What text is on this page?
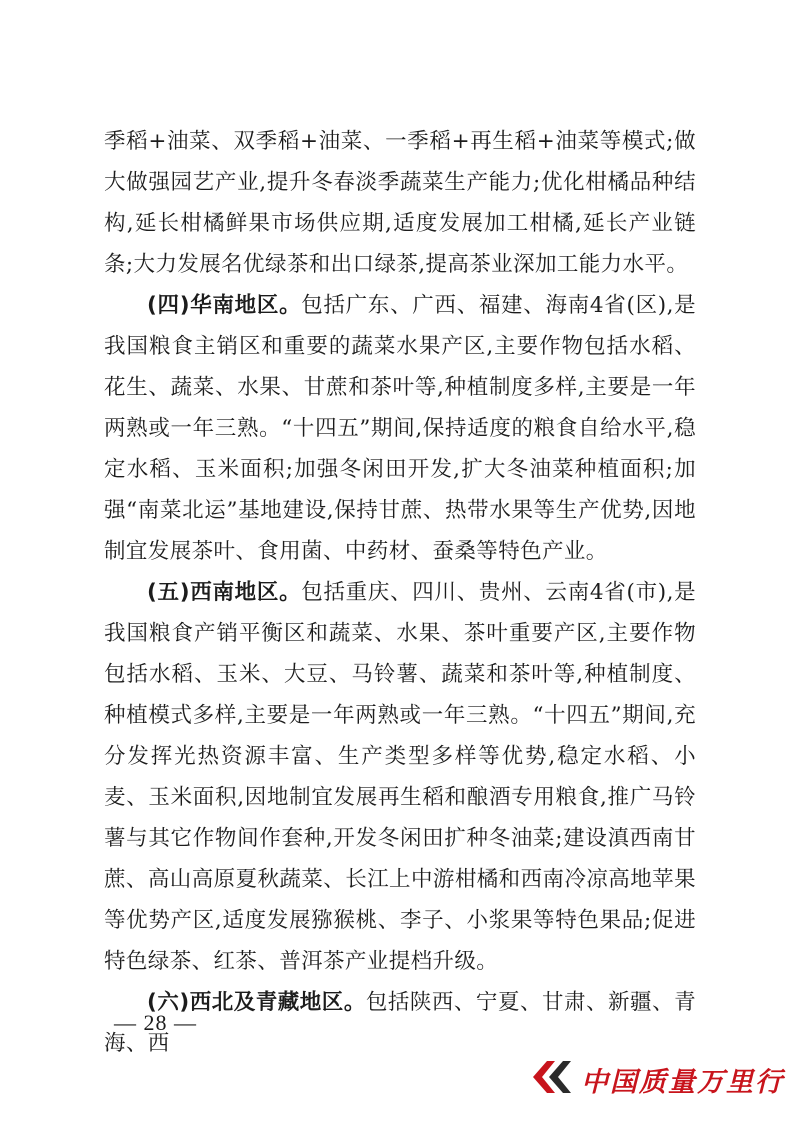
季稻+油菜、双季稻+油菜、一季稻+再生稻+油菜等模式;做大做强园艺产业,提升冬春淡季蔬菜生产能力;优化柑橘品种结构,延长柑橘鲜果市场供应期,适度发展加工柑橘,延长产业链条;大力发展名优绿茶和出口绿茶,提高茶业深加工能力水平。

(四)华南地区。包括广东、广西、福建、海南4省(区),是我国粮食主销区和重要的蔬菜水果产区,主要作物包括水稻、花生、蔬菜、水果、甘蔗和茶叶等,种植制度多样,主要是一年两熟或一年三熟。“十四五”期间,保持适度的粮食自给水平,稳定水稻、玉米面积;加强冬闲田开发,扩大冬油菜种植面积;加强“南菜北运”基地建设,保持甘蔗、热带水果等生产优势,因地制宜发展茶叶、食用菌、中药材、蚕桑等特色产业。

(五)西南地区。包括重庆、四川、贵州、云南4省(市),是我国粮食产销平衡区和蔬菜、水果、茶叶重要产区,主要作物包括水稻、玉米、大豆、马铃薯、蔬菜和茶叶等,种植制度、种植模式多样,主要是一年两熟或一年三熟。“十四五”期间,充分发挥光热资源丰富、生产类型多样等优势,稳定水稻、小麦、玉米面积,因地制宜发展再生稻和酿酒专用粮食,推广马铃薯与其它作物间作套种,开发冬闲田扩种冬油菜;建设滇西南甘蔗、高山高原夏秋蔬菜、长江上中游柑橘和西南冷凉高地苹果等优势产区,适度发展猕猴桃、李子、小浆果等特色果品;促进特色绿茶、红茶、普洱茶产业提档升级。

(六)西北及青藏地区。包括陕西、宁夏、甘肃、新疆、青海、西

— 28 —
中国质量万里行
